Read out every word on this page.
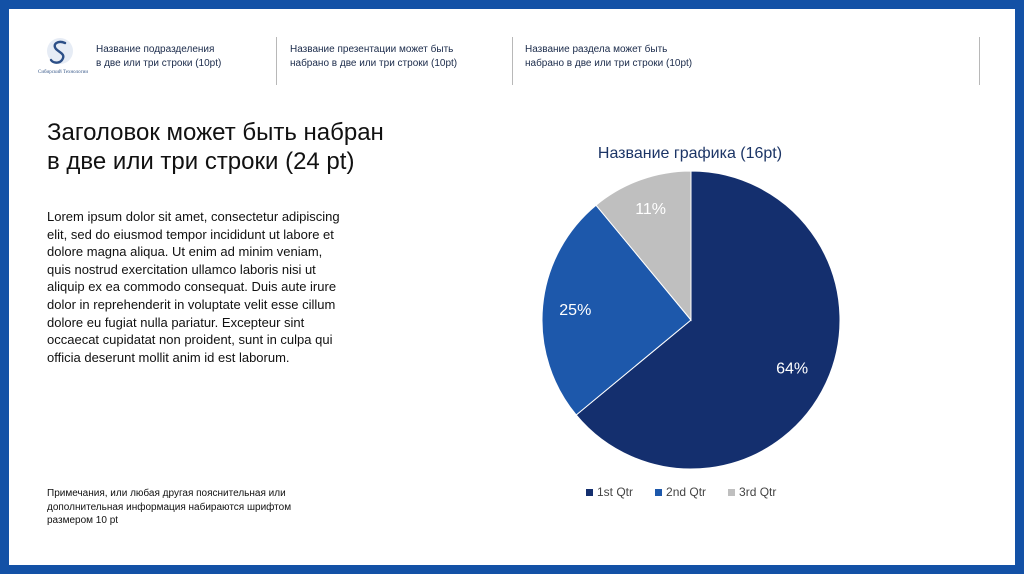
Сибирский Технологии
Название подразделения
в две или три строки (10pt)
Название презентации может быть
набрано в две или три строки (10pt)
Название раздела может быть
набрано в две или три строки (10pt)
Заголовок может быть набран
в две или три строки (24 pt)
Lorem ipsum dolor sit amet, consectetur adipiscing elit, sed do eiusmod tempor incididunt ut labore et dolore magna aliqua. Ut enim ad minim veniam, quis nostrud exercitation ullamco laboris nisi ut aliquip ex ea commodo consequat. Duis aute irure dolor in reprehenderit in voluptate velit esse cillum dolore eu fugiat nulla pariatur. Excepteur sint occaecat cupidatat non proident, sunt in culpa qui officia deserunt mollit anim id est laborum.
Примечания, или любая другая пояснительная или
дополнительная информация набираются шрифтом
размером 10 pt
Название графика (16pt)
64%
25%
11%
1st Qtr	2nd Qtr	3rd Qtr
